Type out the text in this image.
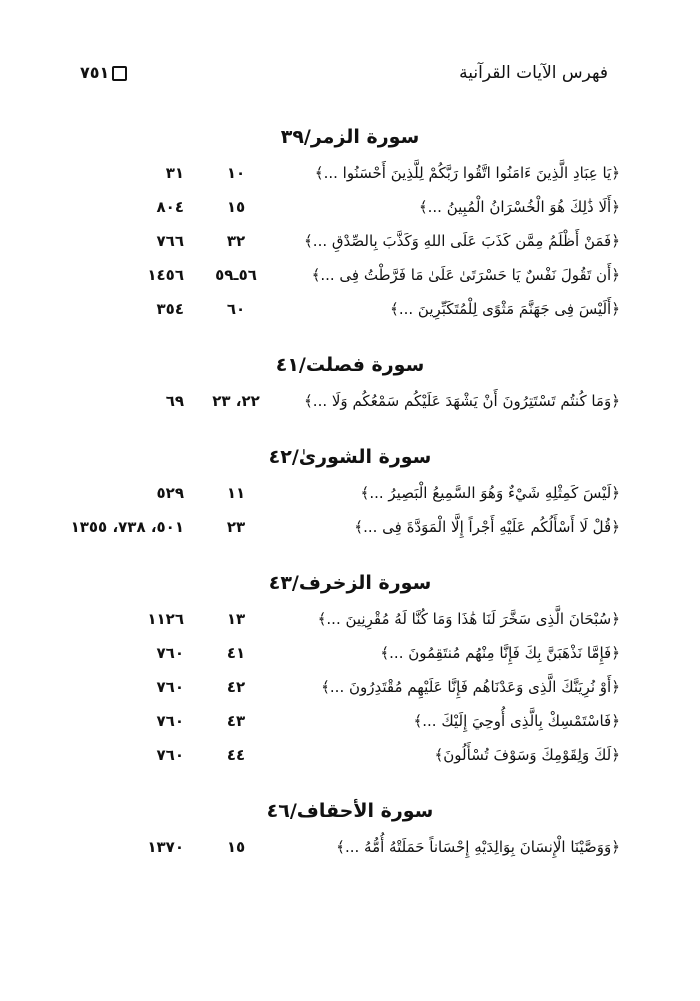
فهرس الآيات القرآنية
٧٥١
سورة الزمر/٣٩
﴿يَا عِبَادِ الَّذِينَ ءَامَنُوا اتَّقُوا رَبَّكُمْ لِلَّذِينَ أَحْسَنُوا ...﴾
١٠
٣١
﴿أَلَا ذَٰلِكَ هُوَ الْخُسْرَانُ الْمُبِينُ ...﴾
١٥
٨٠٤
﴿فَمَنْ أَظْلَمُ مِمَّن كَذَبَ عَلَى اللهِ وَكَذَّبَ بِالصِّدْقِ ...﴾
٣٢
٧٦٦
﴿أَن تَقُولَ نَفْسٌ يَا حَسْرَتَىٰ عَلَىٰ مَا فَرَّطْتُ فِى ...﴾
٥٦ـ٥٩
١٤٥٦
﴿أَلَيْسَ فِى جَهَنَّمَ مَثْوًى لِلْمُتَكَبِّرِينَ ...﴾
٦٠
٣٥٤
سورة فصلت/٤١
﴿وَمَا كُنتُم تَسْتَتِرُونَ أَنْ يَشْهَدَ عَلَيْكُم سَمْعُكُم وَلَا ...﴾
٢٢، ٢٣
٦٩
سورة الشورىٰ/٤٢
﴿لَيْسَ كَمِثْلِهِ شَيْءٌ وَهُوَ السَّمِيعُ الْبَصِيرُ ...﴾
١١
٥٢٩
﴿قُلْ لَا أَسْأَلُكُم عَلَيْهِ أَجْراً إِلَّا الْمَوَدَّةَ فِى ...﴾
٢٣
٥٠١، ٧٣٨، ١٣٥٥
سورة الزخرف/٤٣
﴿سُبْحَانَ الَّذِى سَخَّرَ لَنَا هَٰذَا وَمَا كُنَّا لَهُ مُقْرِنِينَ ...﴾
١٣
١١٢٦
﴿فَإِمَّا نَذْهَبَنَّ بِكَ فَإِنَّا مِنْهُم مُنتَقِمُونَ ...﴾
٤١
٧٦٠
﴿أَوْ نُرِيَنَّكَ الَّذِى وَعَدْنَاهُم فَإِنَّا عَلَيْهِم مُقْتَدِرُونَ ...﴾
٤٢
٧٦٠
﴿فَاسْتَمْسِكْ بِالَّذِى أُوحِيَ إِلَيْكَ ...﴾
٤٣
٧٦٠
﴿لَكَ وَلِقَوْمِكَ وَسَوْفَ تُسْأَلُونَ﴾
٤٤
٧٦٠
سورة الأحقاف/٤٦
﴿وَوَصَّيْنَا الْإِنسَانَ بِوَالِدَيْهِ إِحْسَاناً حَمَلَتْهُ أُمُّهُ ...﴾
١٥
١٣٧٠
